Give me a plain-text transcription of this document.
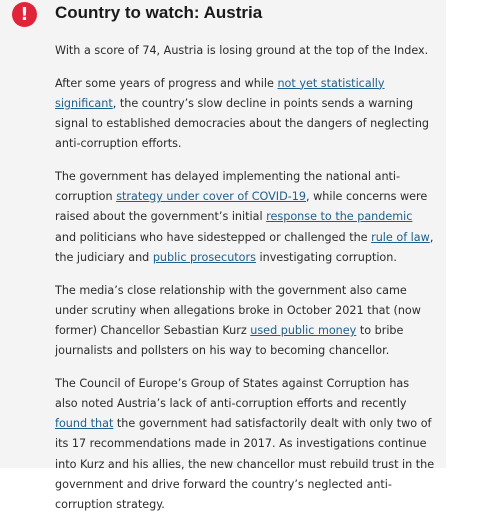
!	Country to watch: Austria

With a score of 74, Austria is losing ground at the top of the Index.

After some years of progress and while not yet statistically significant, the country’s slow decline in points sends a warning signal to established democracies about the dangers of neglecting anti-corruption efforts.

The government has delayed implementing the national anti-corruption strategy under cover of COVID-19, while concerns were raised about the government’s initial response to the pandemic and politicians who have sidestepped or challenged the rule of law, the judiciary and public prosecutors investigating corruption.

The media’s close relationship with the government also came under scrutiny when allegations broke in October 2021 that (now former) Chancellor Sebastian Kurz used public money to bribe journalists and pollsters on his way to becoming chancellor.

The Council of Europe’s Group of States against Corruption has also noted Austria’s lack of anti-corruption efforts and recently found that the government had satisfactorily dealt with only two of its 17 recommendations made in 2017. As investigations continue into Kurz and his allies, the new chancellor must rebuild trust in the government and drive forward the country’s neglected anti-corruption strategy.
